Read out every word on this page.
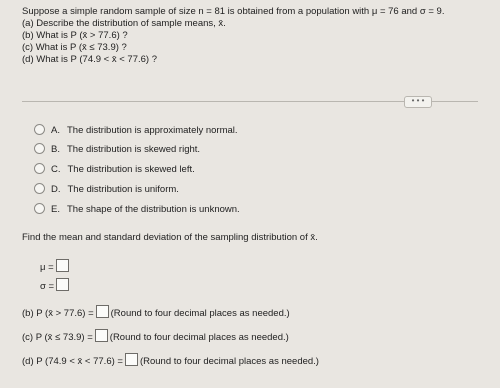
Suppose a simple random sample of size n = 81 is obtained from a population with μ = 76 and σ = 9.
(a) Describe the distribution of sample means, x̄.
(b) What is P (x̄ > 77.6) ?
(c) What is P (x̄ ≤ 73.9) ?
(d) What is P (74.9 < x̄ < 77.6) ?
• • •
A. The distribution is approximately normal.
B. The distribution is skewed right.
C. The distribution is skewed left.
D. The distribution is uniform.
E. The shape of the distribution is unknown.
Find the mean and standard deviation of the sampling distribution of x̄.
μ =
σ =
(b) P (x̄ > 77.6) = (Round to four decimal places as needed.)
(c) P (x̄ ≤ 73.9) = (Round to four decimal places as needed.)
(d) P (74.9 < x̄ < 77.6) = (Round to four decimal places as needed.)
